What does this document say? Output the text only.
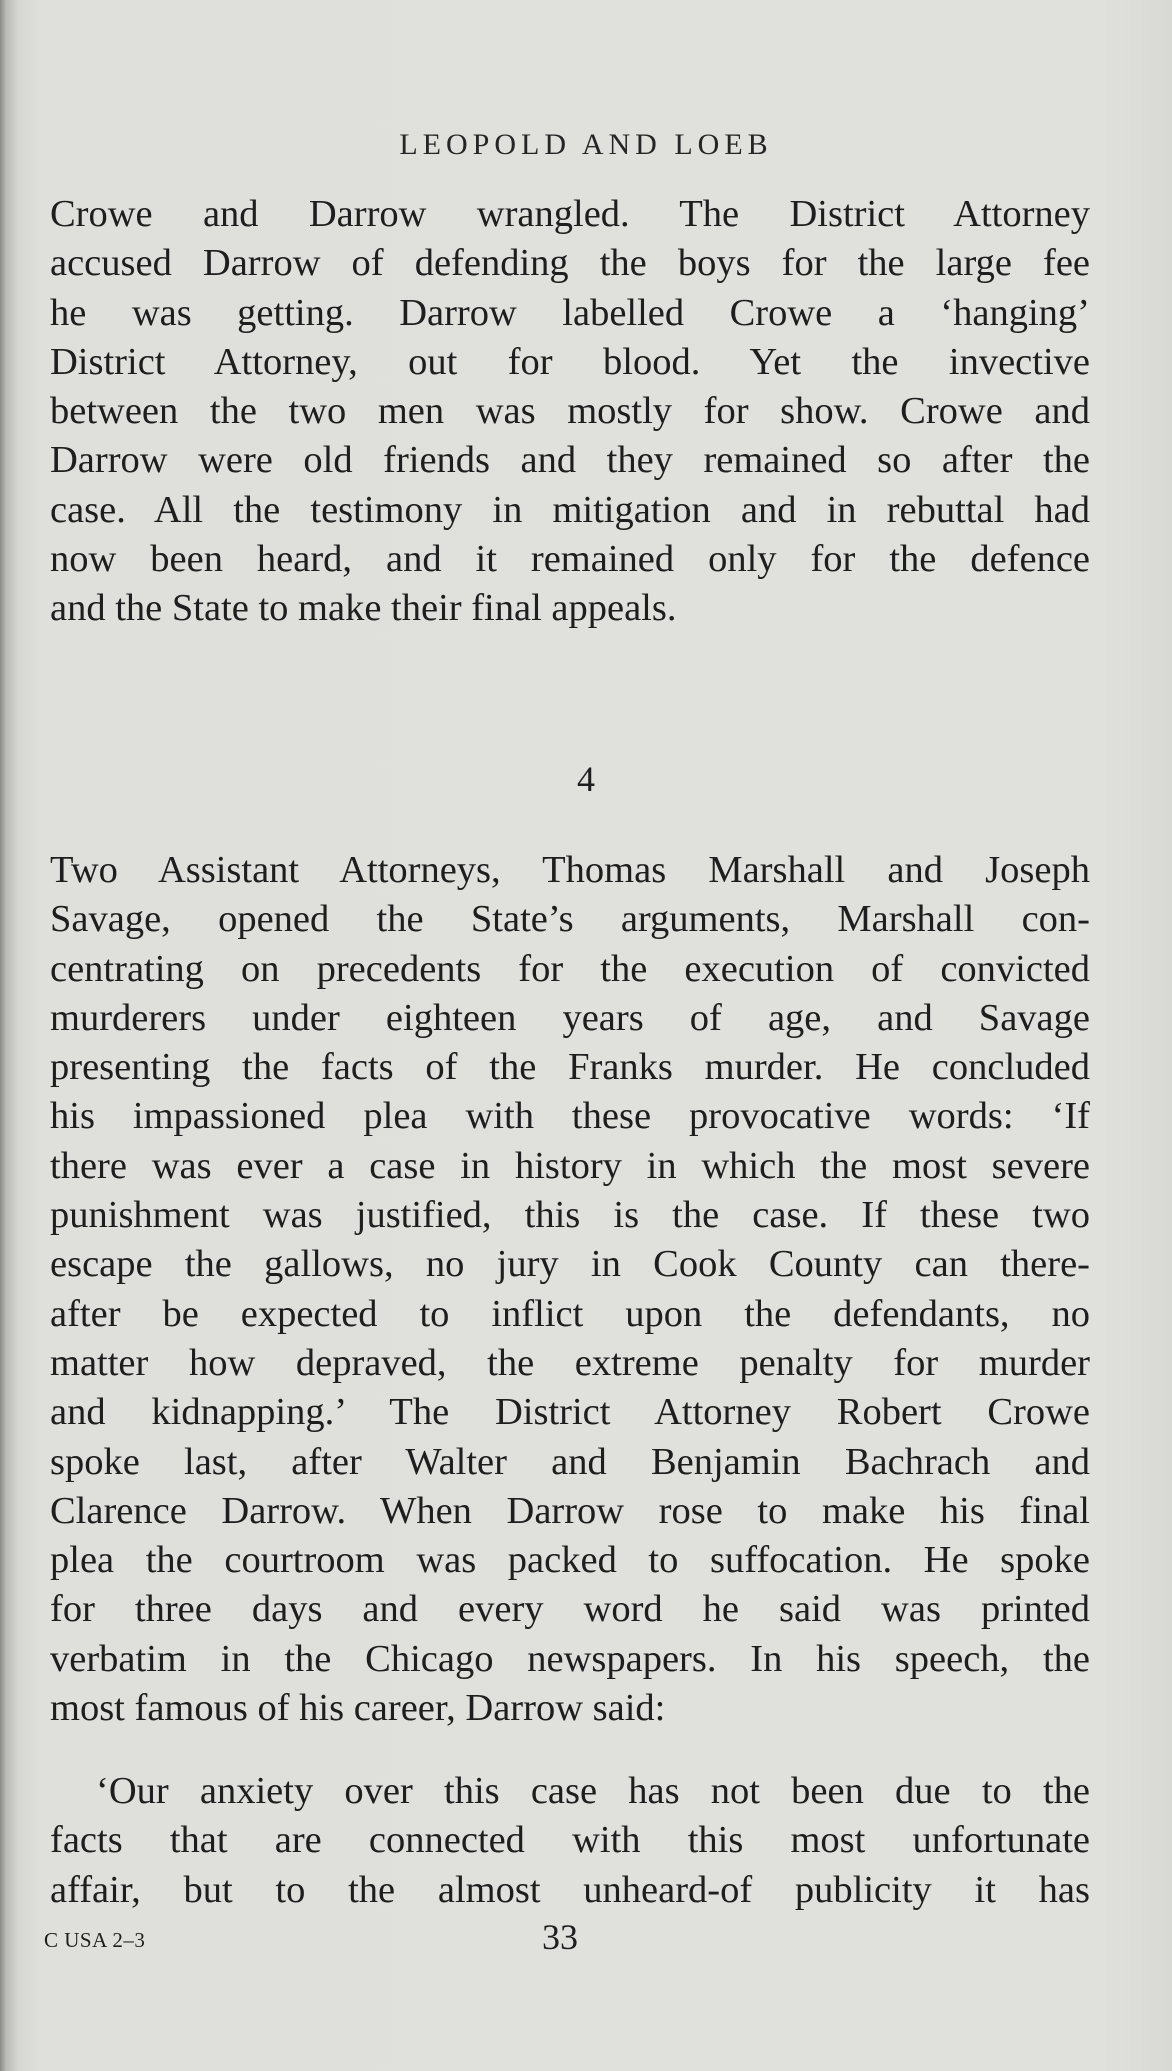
LEOPOLD AND LOEB
Crowe and Darrow wrangled. The District Attorney
accused Darrow of defending the boys for the large fee
he was getting. Darrow labelled Crowe a ‘hanging’
District Attorney, out for blood. Yet the invective
between the two men was mostly for show. Crowe and
Darrow were old friends and they remained so after the
case. All the testimony in mitigation and in rebuttal had
now been heard, and it remained only for the defence
and the State to make their final appeals.
4
Two Assistant Attorneys, Thomas Marshall and Joseph
Savage, opened the State’s arguments, Marshall con-
centrating on precedents for the execution of convicted
murderers under eighteen years of age, and Savage
presenting the facts of the Franks murder. He concluded
his impassioned plea with these provocative words: ‘If
there was ever a case in history in which the most severe
punishment was justified, this is the case. If these two
escape the gallows, no jury in Cook County can there-
after be expected to inflict upon the defendants, no
matter how depraved, the extreme penalty for murder
and kidnapping.’ The District Attorney Robert Crowe
spoke last, after Walter and Benjamin Bachrach and
Clarence Darrow. When Darrow rose to make his final
plea the courtroom was packed to suffocation. He spoke
for three days and every word he said was printed
verbatim in the Chicago newspapers. In his speech, the
most famous of his career, Darrow said:
‘Our anxiety over this case has not been due to the
facts that are connected with this most unfortunate
affair, but to the almost unheard-of publicity it has
C USA 2–3	33
